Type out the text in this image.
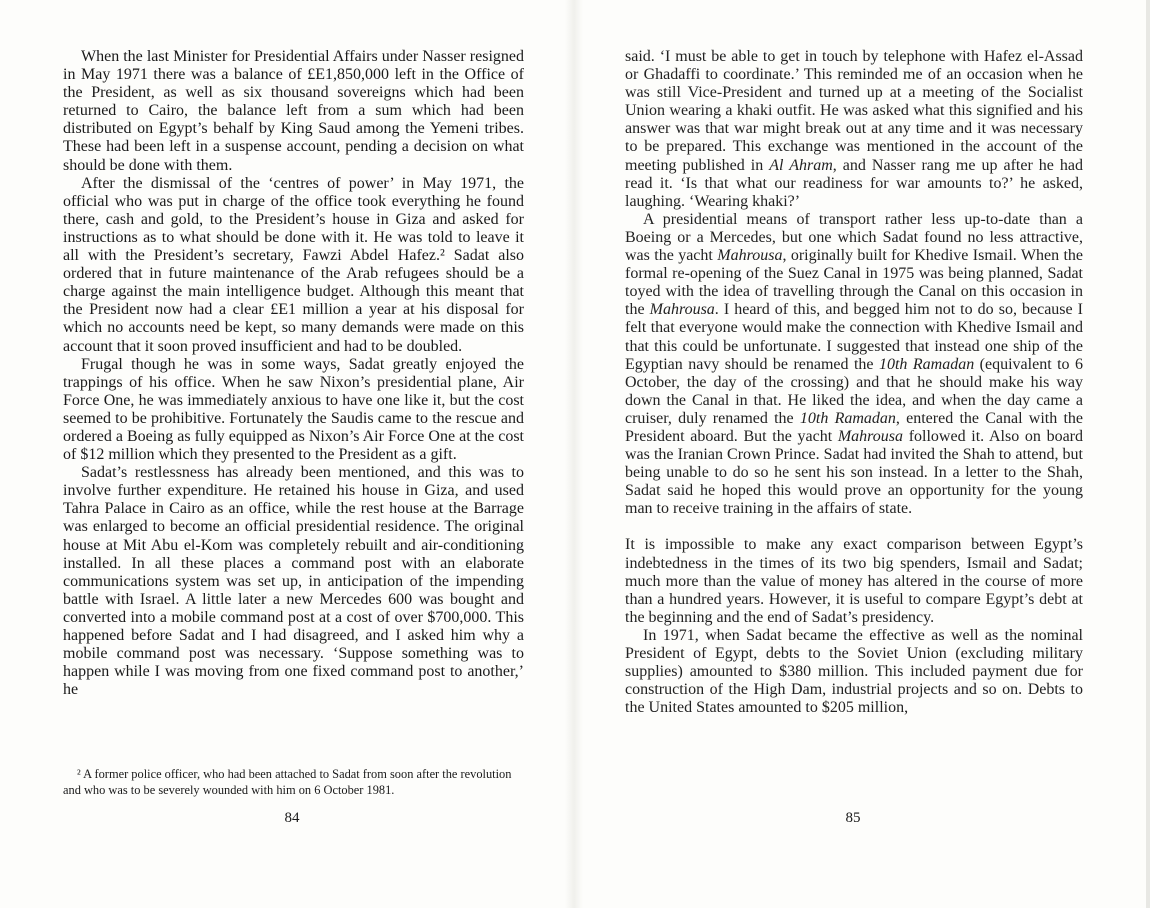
When the last Minister for Presidential Affairs under Nasser resigned in May 1971 there was a balance of £E1,850,000 left in the Office of the President, as well as six thousand sovereigns which had been returned to Cairo, the balance left from a sum which had been distributed on Egypt’s behalf by King Saud among the Yemeni tribes. These had been left in a suspense account, pending a decision on what should be done with them.

After the dismissal of the ‘centres of power’ in May 1971, the official who was put in charge of the office took everything he found there, cash and gold, to the President’s house in Giza and asked for instructions as to what should be done with it. He was told to leave it all with the President’s secretary, Fawzi Abdel Hafez.² Sadat also ordered that in future maintenance of the Arab refugees should be a charge against the main intelligence budget. Although this meant that the President now had a clear £E1 million a year at his disposal for which no accounts need be kept, so many demands were made on this account that it soon proved insufficient and had to be doubled.

Frugal though he was in some ways, Sadat greatly enjoyed the trappings of his office. When he saw Nixon’s presidential plane, Air Force One, he was immediately anxious to have one like it, but the cost seemed to be prohibitive. Fortunately the Saudis came to the rescue and ordered a Boeing as fully equipped as Nixon’s Air Force One at the cost of $12 million which they presented to the President as a gift.

Sadat’s restlessness has already been mentioned, and this was to involve further expenditure. He retained his house in Giza, and used Tahra Palace in Cairo as an office, while the rest house at the Barrage was enlarged to become an official presidential residence. The original house at Mit Abu el-Kom was completely rebuilt and air-conditioning installed. In all these places a command post with an elaborate communications system was set up, in anticipation of the impending battle with Israel. A little later a new Mercedes 600 was bought and converted into a mobile command post at a cost of over $700,000. This happened before Sadat and I had disagreed, and I asked him why a mobile command post was necessary. ‘Suppose something was to happen while I was moving from one fixed command post to another,’ he

² A former police officer, who had been attached to Sadat from soon after the revolution and who was to be severely wounded with him on 6 October 1981.
84

said. ‘I must be able to get in touch by telephone with Hafez el-Assad or Ghadaffi to coordinate.’ This reminded me of an occasion when he was still Vice-President and turned up at a meeting of the Socialist Union wearing a khaki outfit. He was asked what this signified and his answer was that war might break out at any time and it was necessary to be prepared. This exchange was mentioned in the account of the meeting published in Al Ahram, and Nasser rang me up after he had read it. ‘Is that what our readiness for war amounts to?’ he asked, laughing. ‘Wearing khaki?’

A presidential means of transport rather less up-to-date than a Boeing or a Mercedes, but one which Sadat found no less attractive, was the yacht Mahrousa, originally built for Khedive Ismail. When the formal re-opening of the Suez Canal in 1975 was being planned, Sadat toyed with the idea of travelling through the Canal on this occasion in the Mahrousa. I heard of this, and begged him not to do so, because I felt that everyone would make the connection with Khedive Ismail and that this could be unfortunate. I suggested that instead one ship of the Egyptian navy should be renamed the 10th Ramadan (equivalent to 6 October, the day of the crossing) and that he should make his way down the Canal in that. He liked the idea, and when the day came a cruiser, duly renamed the 10th Ramadan, entered the Canal with the President aboard. But the yacht Mahrousa followed it. Also on board was the Iranian Crown Prince. Sadat had invited the Shah to attend, but being unable to do so he sent his son instead. In a letter to the Shah, Sadat said he hoped this would prove an opportunity for the young man to receive training in the affairs of state.

It is impossible to make any exact comparison between Egypt’s indebtedness in the times of its two big spenders, Ismail and Sadat; much more than the value of money has altered in the course of more than a hundred years. However, it is useful to compare Egypt’s debt at the beginning and the end of Sadat’s presidency.

In 1971, when Sadat became the effective as well as the nominal President of Egypt, debts to the Soviet Union (excluding military supplies) amounted to $380 million. This included payment due for construction of the High Dam, industrial projects and so on. Debts to the United States amounted to $205 million,

85
